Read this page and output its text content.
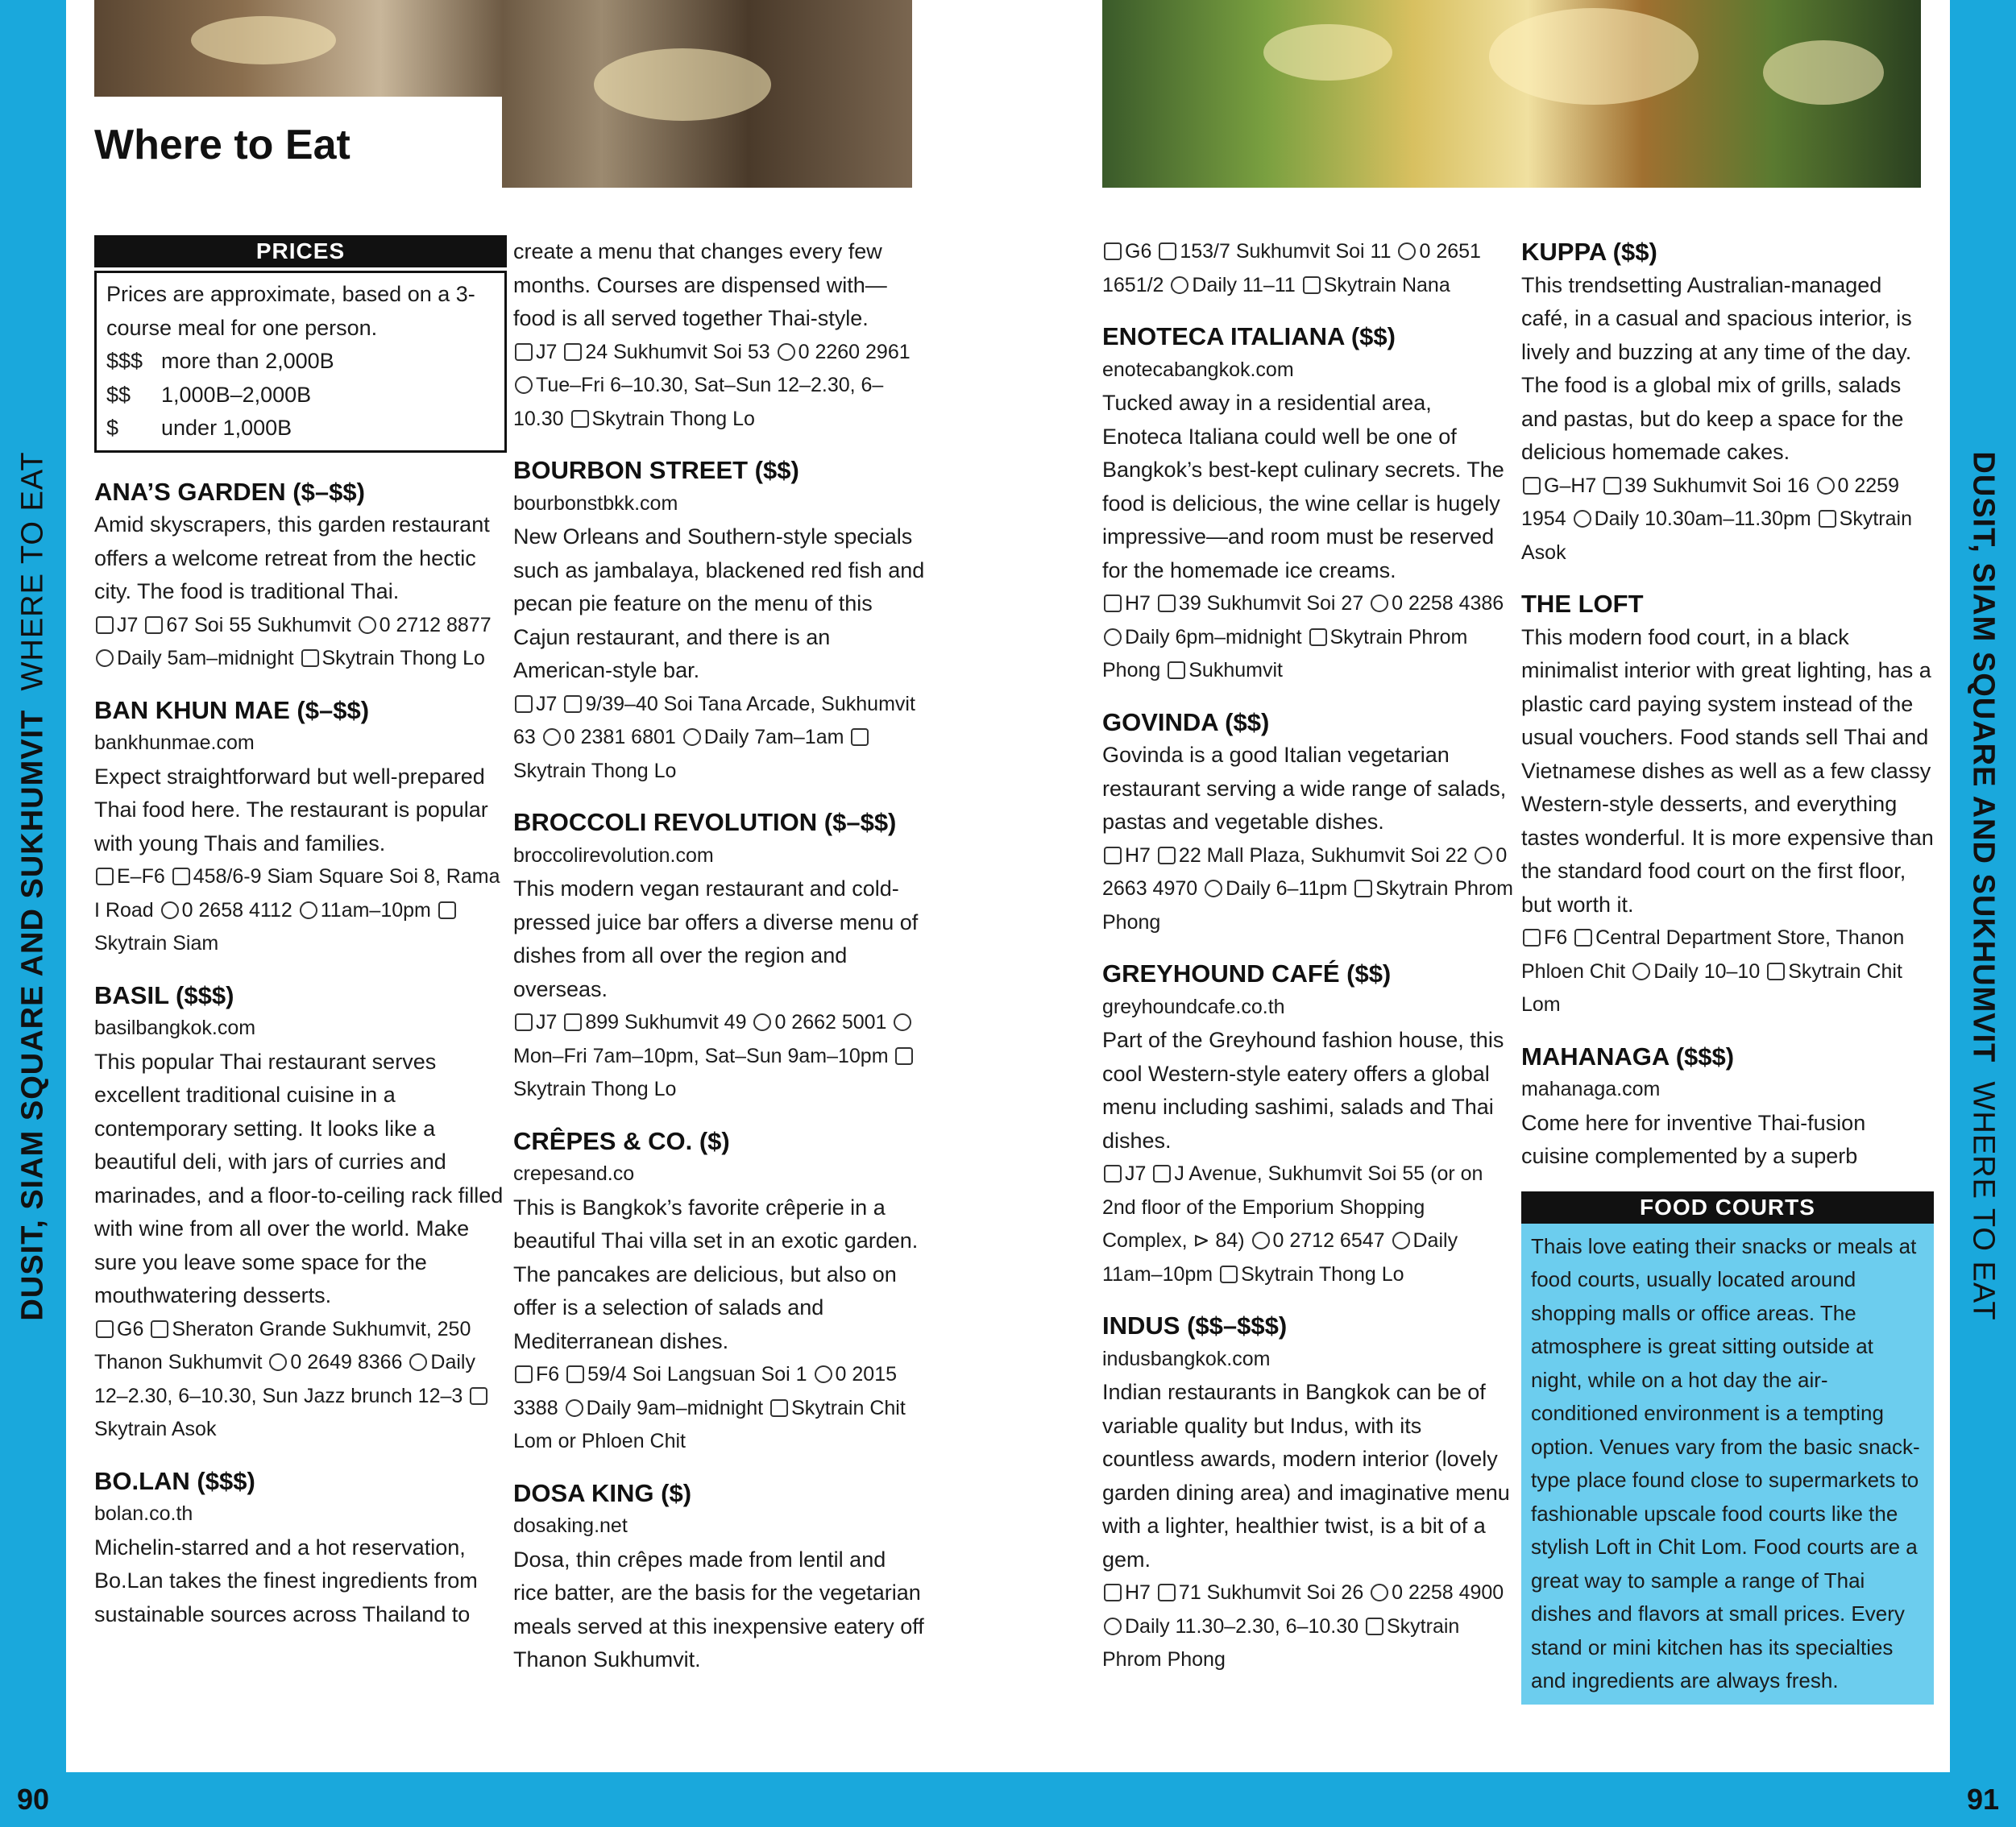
90	91
DUSIT, SIAM SQUARE AND SUKHUMVIT  WHERE TO EAT	DUSIT, SIAM SQUARE AND SUKHUMVIT  WHERE TO EAT
Where to Eat
PRICES
Prices are approximate, based on a 3-course meal for one person.
$$$ more than 2,000B
$$	1,000B–2,000B
$	under 1,000B
ANA’S GARDEN ($–$$)
Amid skyscrapers, this garden restaurant offers a welcome retreat from the hectic city. The food is traditional Thai.
J7 67 Soi 55 Sukhumvit 0 2712 8877 Daily 5am–midnight Skytrain Thong Lo
BAN KHUN MAE ($–$$)
bankhunmae.com
Expect straightforward but well-prepared Thai food here. The restaurant is popular with young Thais and families.
E–F6 458/6-9 Siam Square Soi 8, Rama I Road 0 2658 4112 11am–10pm Skytrain Siam
BASIL ($$$)
basilbangkok.com
This popular Thai restaurant serves excellent traditional cuisine in a contemporary setting. It looks like a beautiful deli, with jars of curries and marinades, and a floor-to-ceiling rack filled with wine from all over the world. Make sure you leave some space for the mouthwatering desserts.
G6 Sheraton Grande Sukhumvit, 250 Thanon Sukhumvit 0 2649 8366 Daily 12–2.30, 6–10.30, Sun Jazz brunch 12–3 Skytrain Asok
BO.LAN ($$$)
bolan.co.th
Michelin-starred and a hot reservation, Bo.Lan takes the finest ingredients from sustainable sources across Thailand to
create a menu that changes every few months. Courses are dispensed with—food is all served together Thai-style.
J7 24 Sukhumvit Soi 53 0 2260 2961 Tue–Fri 6–10.30, Sat–Sun 12–2.30, 6–10.30 Skytrain Thong Lo
BOURBON STREET ($$)
bourbonstbkk.com
New Orleans and Southern-style specials such as jambalaya, blackened red fish and pecan pie feature on the menu of this Cajun restaurant, and there is an American-style bar.
J7 9/39–40 Soi Tana Arcade, Sukhumvit 63 0 2381 6801 Daily 7am–1am Skytrain Thong Lo
BROCCOLI REVOLUTION ($–$$)
broccolirevolution.com
This modern vegan restaurant and cold-pressed juice bar offers a diverse menu of dishes from all over the region and overseas.
J7 899 Sukhumvit 49 0 2662 5001 Mon–Fri 7am–10pm, Sat–Sun 9am–10pm Skytrain Thong Lo
CRÊPES & CO. ($)
crepesand.co
This is Bangkok’s favorite crêperie in a beautiful Thai villa set in an exotic garden. The pancakes are delicious, but also on offer is a selection of salads and Mediterranean dishes.
F6 59/4 Soi Langsuan Soi 1 0 2015 3388 Daily 9am–midnight Skytrain Chit Lom or Phloen Chit
DOSA KING ($)
dosaking.net
Dosa, thin crêpes made from lentil and rice batter, are the basis for the vegetarian meals served at this inexpensive eatery off Thanon Sukhumvit.
G6 153/7 Sukhumvit Soi 11 0 2651 1651/2 Daily 11–11 Skytrain Nana
ENOTECA ITALIANA ($$)
enotecabangkok.com
Tucked away in a residential area, Enoteca Italiana could well be one of Bangkok’s best-kept culinary secrets. The food is delicious, the wine cellar is hugely impressive—and room must be reserved for the homemade ice creams.
H7 39 Sukhumvit Soi 27 0 2258 4386 Daily 6pm–midnight Skytrain Phrom Phong Sukhumvit
GOVINDA ($$)
Govinda is a good Italian vegetarian restaurant serving a wide range of salads, pastas and vegetable dishes.
H7 22 Mall Plaza, Sukhumvit Soi 22 0 2663 4970 Daily 6–11pm Skytrain Phrom Phong
GREYHOUND CAFÉ ($$)
greyhoundcafe.co.th
Part of the Greyhound fashion house, this cool Western-style eatery offers a global menu including sashimi, salads and Thai dishes.
J7 J Avenue, Sukhumvit Soi 55 (or on 2nd floor of the Emporium Shopping Complex, ⊳ 84) 0 2712 6547 Daily 11am–10pm Skytrain Thong Lo
INDUS ($$–$$$)
indusbangkok.com
Indian restaurants in Bangkok can be of variable quality but Indus, with its countless awards, modern interior (lovely garden dining area) and imaginative menu with a lighter, healthier twist, is a bit of a gem.
H7 71 Sukhumvit Soi 26 0 2258 4900 Daily 11.30–2.30, 6–10.30 Skytrain Phrom Phong
KUPPA ($$)
This trendsetting Australian-managed café, in a casual and spacious interior, is lively and buzzing at any time of the day. The food is a global mix of grills, salads and pastas, but do keep a space for the delicious homemade cakes.
G–H7 39 Sukhumvit Soi 16 0 2259 1954 Daily 10.30am–11.30pm Skytrain Asok
THE LOFT
This modern food court, in a black minimalist interior with great lighting, has a plastic card paying system instead of the usual vouchers. Food stands sell Thai and Vietnamese dishes as well as a few classy Western-style desserts, and everything tastes wonderful. It is more expensive than the standard food court on the first floor, but worth it.
F6 Central Department Store, Thanon Phloen Chit Daily 10–10 Skytrain Chit Lom
MAHANAGA ($$$)
mahanaga.com
Come here for inventive Thai-fusion cuisine complemented by a superb
FOOD COURTS
Thais love eating their snacks or meals at food courts, usually located around shopping malls or office areas. The atmosphere is great sitting outside at night, while on a hot day the air-conditioned environment is a tempting option. Venues vary from the basic snack-type place found close to supermarkets to fashionable upscale food courts like the stylish Loft in Chit Lom. Food courts are a great way to sample a range of Thai dishes and flavors at small prices. Every stand or mini kitchen has its specialties and ingredients are always fresh.
